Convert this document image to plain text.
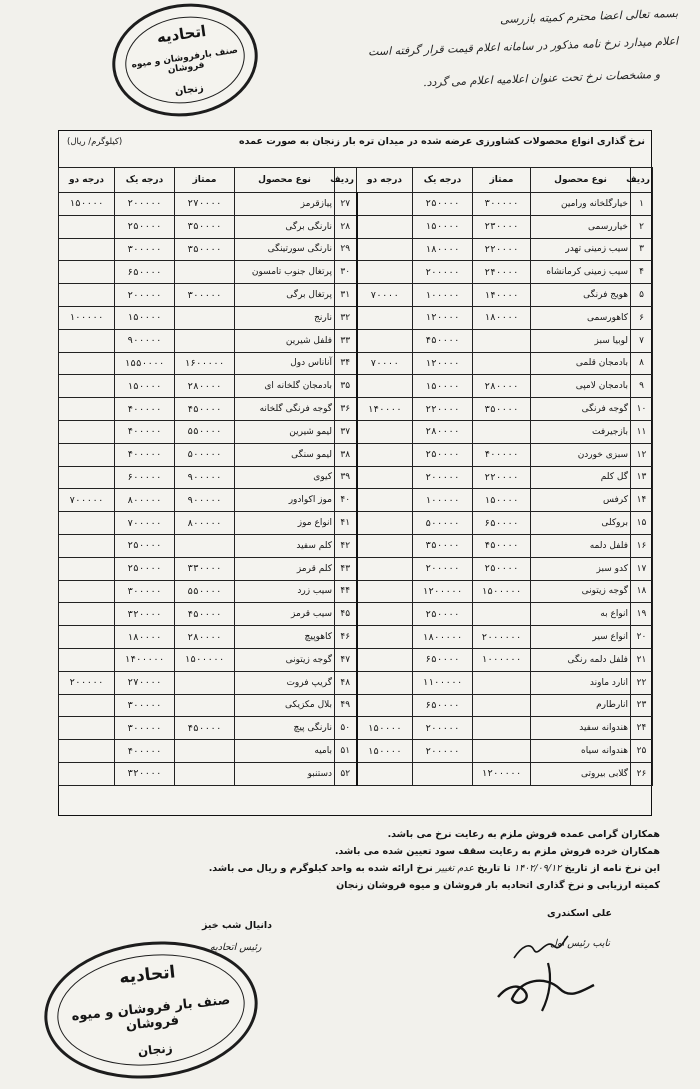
اتحادیه
صنف بارفروشان و میوه فروشان
زنجان
بسمه تعالی اعضا محترم کمیته بازرسی
اعلام میدارد نرخ نامه مذکور در سامانه اعلام قیمت قرار گرفته است
و مشخصات نرخ تحت عنوان اعلامیه اعلام می گردد.
نرخ گذاری انواع محصولات کشاورزی عرضه شده در میدان تره بار زنجان به صورت عمده
(کیلوگرم/ ریال)
ردیف	نوع محصول	ممتاز	درجه یک	درجه دو	ردیف	نوع محصول	ممتاز	درجه یک	درجه دو
۱	خیارگلخانه ورامین	۳۰۰۰۰۰	۲۵۰۰۰۰		۲۷	پیازقرمز	۲۷۰۰۰۰	۲۰۰۰۰۰	۱۵۰۰۰۰
۲	خیاررسمی	۲۳۰۰۰۰	۱۵۰۰۰۰		۲۸	نارنگی برگی	۳۵۰۰۰۰	۲۵۰۰۰۰	
۳	سیب زمینی تهدر	۲۲۰۰۰۰	۱۸۰۰۰۰		۲۹	نارنگی سورتینگی	۳۵۰۰۰۰	۳۰۰۰۰۰	
۴	سیب زمینی کرمانشاه	۲۴۰۰۰۰	۲۰۰۰۰۰		۳۰	پرتغال جنوب تامسون		۶۵۰۰۰۰	
۵	هویج فرنگی	۱۴۰۰۰۰	۱۰۰۰۰۰	۷۰۰۰۰	۳۱	پرتغال برگی	۳۰۰۰۰۰	۲۰۰۰۰۰	
۶	کاهورسمی	۱۸۰۰۰۰	۱۲۰۰۰۰		۳۲	نارنج		۱۵۰۰۰۰	۱۰۰۰۰۰
۷	لوبیا سبز		۴۵۰۰۰۰		۳۳	فلفل شیرین		۹۰۰۰۰۰	
۸	بادمجان قلمی		۱۲۰۰۰۰	۷۰۰۰۰	۳۴	آناناس دول	۱۶۰۰۰۰۰	۱۵۵۰۰۰۰	
۹	بادمجان لامپی	۲۸۰۰۰۰	۱۵۰۰۰۰		۳۵	بادمجان گلخانه ای	۲۸۰۰۰۰	۱۵۰۰۰۰	
۱۰	گوجه فرنگی	۳۵۰۰۰۰	۲۲۰۰۰۰	۱۴۰۰۰۰	۳۶	گوجه فرنگی گلخانه	۴۵۰۰۰۰	۴۰۰۰۰۰	
۱۱	بازجیرفت		۲۸۰۰۰۰		۳۷	لیمو شیرین	۵۵۰۰۰۰	۴۰۰۰۰۰	
۱۲	سبزی خوردن	۴۰۰۰۰۰	۲۵۰۰۰۰		۳۸	لیمو سنگی	۵۰۰۰۰۰	۴۰۰۰۰۰	
۱۳	گل کلم	۲۲۰۰۰۰	۲۰۰۰۰۰		۳۹	کیوی	۹۰۰۰۰۰	۶۰۰۰۰۰	
۱۴	کرفس	۱۵۰۰۰۰	۱۰۰۰۰۰		۴۰	موز اکوادور	۹۰۰۰۰۰	۸۰۰۰۰۰	۷۰۰۰۰۰
۱۵	بروکلی	۶۵۰۰۰۰	۵۰۰۰۰۰		۴۱	انواع موز	۸۰۰۰۰۰	۷۰۰۰۰۰	
۱۶	فلفل دلمه	۴۵۰۰۰۰	۳۵۰۰۰۰		۴۲	کلم سفید		۲۵۰۰۰۰	
۱۷	کدو سبز	۲۵۰۰۰۰	۲۰۰۰۰۰		۴۳	کلم قرمز	۳۳۰۰۰۰	۲۵۰۰۰۰	
۱۸	گوجه زیتونی	۱۵۰۰۰۰۰	۱۲۰۰۰۰۰		۴۴	سیب زرد	۵۵۰۰۰۰	۳۰۰۰۰۰	
۱۹	انواع به		۲۵۰۰۰۰		۴۵	سیب قرمز	۴۵۰۰۰۰	۳۲۰۰۰۰	
۲۰	انواع سیر	۲۰۰۰۰۰۰	۱۸۰۰۰۰۰		۴۶	کاهوپیچ	۲۸۰۰۰۰	۱۸۰۰۰۰	
۲۱	فلفل دلمه رنگی	۱۰۰۰۰۰۰	۶۵۰۰۰۰		۴۷	گوجه زیتونی	۱۵۰۰۰۰۰	۱۴۰۰۰۰۰	
۲۲	انارد ماوند		۱۱۰۰۰۰۰		۴۸	گریپ فروت		۲۷۰۰۰۰	۲۰۰۰۰۰
۲۳	انارطارم		۶۵۰۰۰۰		۴۹	بلال مکزیکی		۳۰۰۰۰۰	
۲۴	هندوانه سفید		۲۰۰۰۰۰	۱۵۰۰۰۰	۵۰	نارنگی پیچ	۴۵۰۰۰۰	۳۰۰۰۰۰	
۲۵	هندوانه سیاه		۲۰۰۰۰۰	۱۵۰۰۰۰	۵۱	بامیه		۴۰۰۰۰۰	
۲۶	گلابی بیروتی	۱۲۰۰۰۰۰			۵۲	دستنبو		۳۲۰۰۰۰	
همکاران گرامی عمده فروش ملزم به رعایت نرخ می باشد.
همکاران خرده فروش ملزم به رعایت سقف سود تعیین شده می باشد.
این نرخ نامه از تاریخ ۱۴۰۲/۰۹/۱۲ تا تاریخ عدم تغییر نرخ ارائه شده به واحد کیلوگرم و ریال می باشد.
کمیته ارزیابی و نرخ گذاری اتحادیه بار فروشان و میوه فروشان زنجان
علی اسکندری
نایب رئیس اول
دانیال شب خیز
رئیس اتحادیه
اتحادیه
صنف بار فروشان و میوه فروشان
زنجان
